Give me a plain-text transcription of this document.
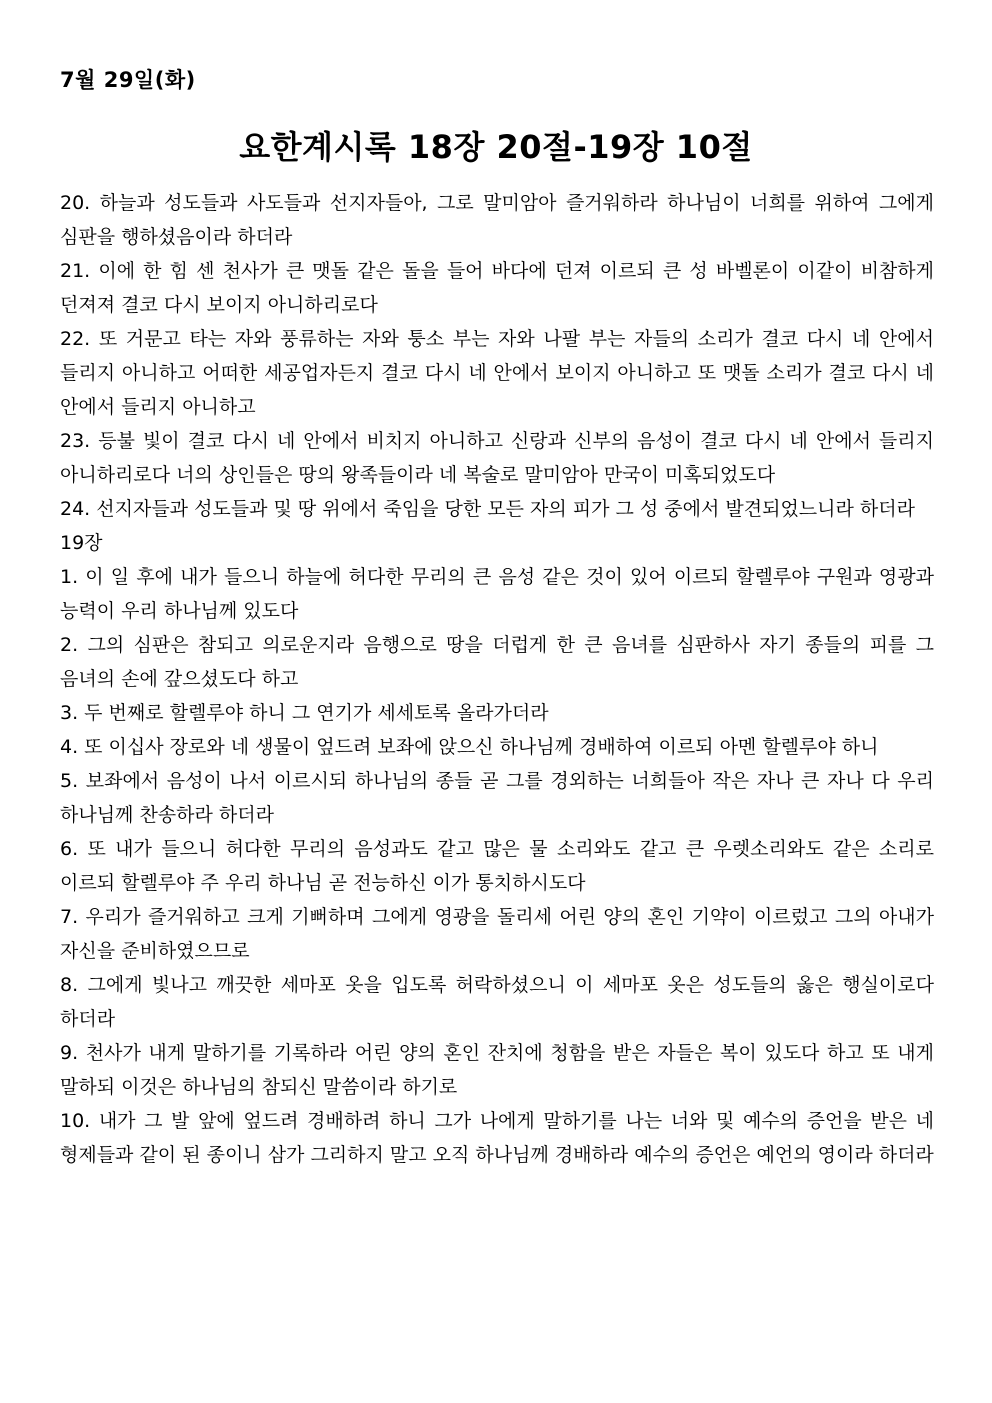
7월 29일(화)
요한계시록 18장 20절-19장 10절

20. 하늘과 성도들과 사도들과 선지자들아, 그로 말미암아 즐거워하라 하나님이 너희를 위하여 그에게 심판을 행하셨음이라 하더라

21. 이에 한 힘 센 천사가 큰 맷돌 같은 돌을 들어 바다에 던져 이르되 큰 성 바벨론이 이같이 비참하게 던져져 결코 다시 보이지 아니하리로다

22. 또 거문고 타는 자와 풍류하는 자와 퉁소 부는 자와 나팔 부는 자들의 소리가 결코 다시 네 안에서 들리지 아니하고 어떠한 세공업자든지 결코 다시 네 안에서 보이지 아니하고 또 맷돌 소리가 결코 다시 네 안에서 들리지 아니하고

23. 등불 빛이 결코 다시 네 안에서 비치지 아니하고 신랑과 신부의 음성이 결코 다시 네 안에서 들리지 아니하리로다 너의 상인들은 땅의 왕족들이라 네 복술로 말미암아 만국이 미혹되었도다

24. 선지자들과 성도들과 및 땅 위에서 죽임을 당한 모든 자의 피가 그 성 중에서 발견되었느니라 하더라

19장

1. 이 일 후에 내가 들으니 하늘에 허다한 무리의 큰 음성 같은 것이 있어 이르되 할렐루야 구원과 영광과 능력이 우리 하나님께 있도다

2. 그의 심판은 참되고 의로운지라 음행으로 땅을 더럽게 한 큰 음녀를 심판하사 자기 종들의 피를 그 음녀의 손에 갚으셨도다 하고

3. 두 번째로 할렐루야 하니 그 연기가 세세토록 올라가더라

4. 또 이십사 장로와 네 생물이 엎드려 보좌에 앉으신 하나님께 경배하여 이르되 아멘 할렐루야 하니

5. 보좌에서 음성이 나서 이르시되 하나님의 종들 곧 그를 경외하는 너희들아 작은 자나 큰 자나 다 우리 하나님께 찬송하라 하더라

6. 또 내가 들으니 허다한 무리의 음성과도 같고 많은 물 소리와도 같고 큰 우렛소리와도 같은 소리로 이르되 할렐루야 주 우리 하나님 곧 전능하신 이가 통치하시도다

7. 우리가 즐거워하고 크게 기뻐하며 그에게 영광을 돌리세 어린 양의 혼인 기약이 이르렀고 그의 아내가 자신을 준비하였으므로

8. 그에게 빛나고 깨끗한 세마포 옷을 입도록 허락하셨으니 이 세마포 옷은 성도들의 옳은 행실이로다 하더라

9. 천사가 내게 말하기를 기록하라 어린 양의 혼인 잔치에 청함을 받은 자들은 복이 있도다 하고 또 내게 말하되 이것은 하나님의 참되신 말씀이라 하기로

10. 내가 그 발 앞에 엎드려 경배하려 하니 그가 나에게 말하기를 나는 너와 및 예수의 증언을 받은 네 형제들과 같이 된 종이니 삼가 그리하지 말고 오직 하나님께 경배하라 예수의 증언은 예언의 영이라 하더라
